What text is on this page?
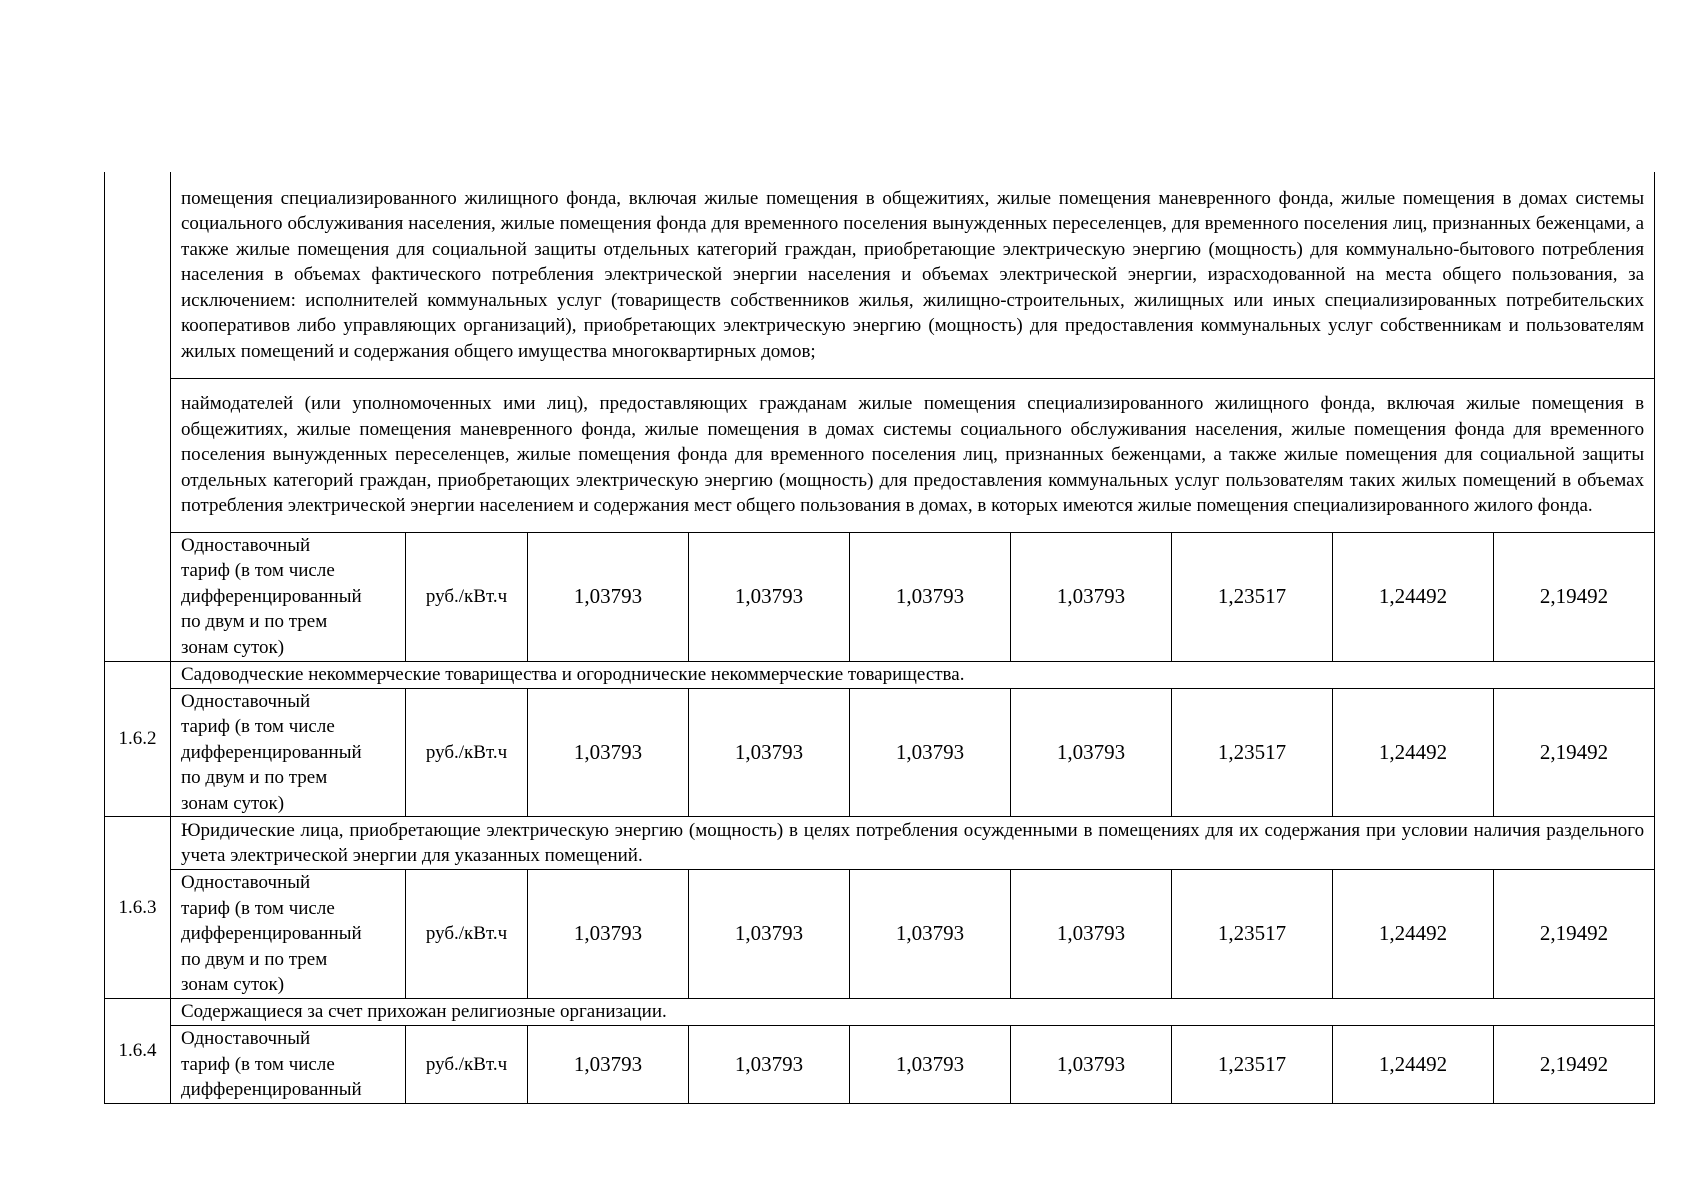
	помещения специализированного жилищного фонда, включая жилые помещения в общежитиях, жилые помещения маневренного фонда, жилые помещения в домах системы социального обслуживания населения, жилые помещения фонда для временного поселения вынужденных переселенцев, для временного поселения лиц, признанных беженцами, а также жилые помещения для социальной защиты отдельных категорий граждан, приобретающие электрическую энергию (мощность) для коммунально-бытового потребления населения в объемах фактического потребления электрической энергии населения и объемах электрической энергии, израсходованной на места общего пользования, за исключением: исполнителей коммунальных услуг (товариществ собственников жилья, жилищно-строительных, жилищных или иных специализированных потребительских кооперативов либо управляющих организаций), приобретающих электрическую энергию (мощность) для предоставления коммунальных услуг собственникам и пользователям жилых помещений и содержания общего имущества многоквартирных домов;								
	наймодателей (или уполномоченных ими лиц), предоставляющих гражданам жилые помещения специализированного жилищного фонда, включая жилые помещения в общежитиях, жилые помещения маневренного фонда, жилые помещения в домах системы социального обслуживания населения, жилые помещения фонда для временного поселения вынужденных переселенцев, жилые помещения фонда для временного поселения лиц, признанных беженцами, а также жилые помещения для социальной защиты отдельных категорий граждан, приобретающих электрическую энергию (мощность) для предоставления коммунальных услуг пользователям таких жилых помещений в объемах потребления электрической энергии населением и содержания мест общего пользования в домах, в которых имеются жилые помещения специализированного жилого фонда.								

	Одноставочный
тариф (в том числе
дифференцированный
по двум и по трем
зонам суток)	руб./кВт.ч	1,03793	1,03793	1,03793	1,03793	1,23517	1,24492	2,19492
1.6.2	Садоводческие некоммерческие товарищества и огороднические некоммерческие товарищества.								

	Одноставочный
тариф (в том числе
дифференцированный
по двум и по трем
зонам суток)	руб./кВт.ч	1,03793	1,03793	1,03793	1,03793	1,23517	1,24492	2,19492
1.6.3	Юридические лица, приобретающие электрическую энергию (мощность) в целях потребления осужденными в помещениях для их содержания при условии наличия раздельного учета электрической энергии для указанных помещений.								

	Одноставочный
тариф (в том числе
дифференцированный
по двум и по трем
зонам суток)	руб./кВт.ч	1,03793	1,03793	1,03793	1,03793	1,23517	1,24492	2,19492
1.6.4	Содержащиеся за счет прихожан религиозные организации.								

	Одноставочный
тариф (в том числе
дифференцированный	руб./кВт.ч	1,03793	1,03793	1,03793	1,03793	1,23517	1,24492	2,19492
